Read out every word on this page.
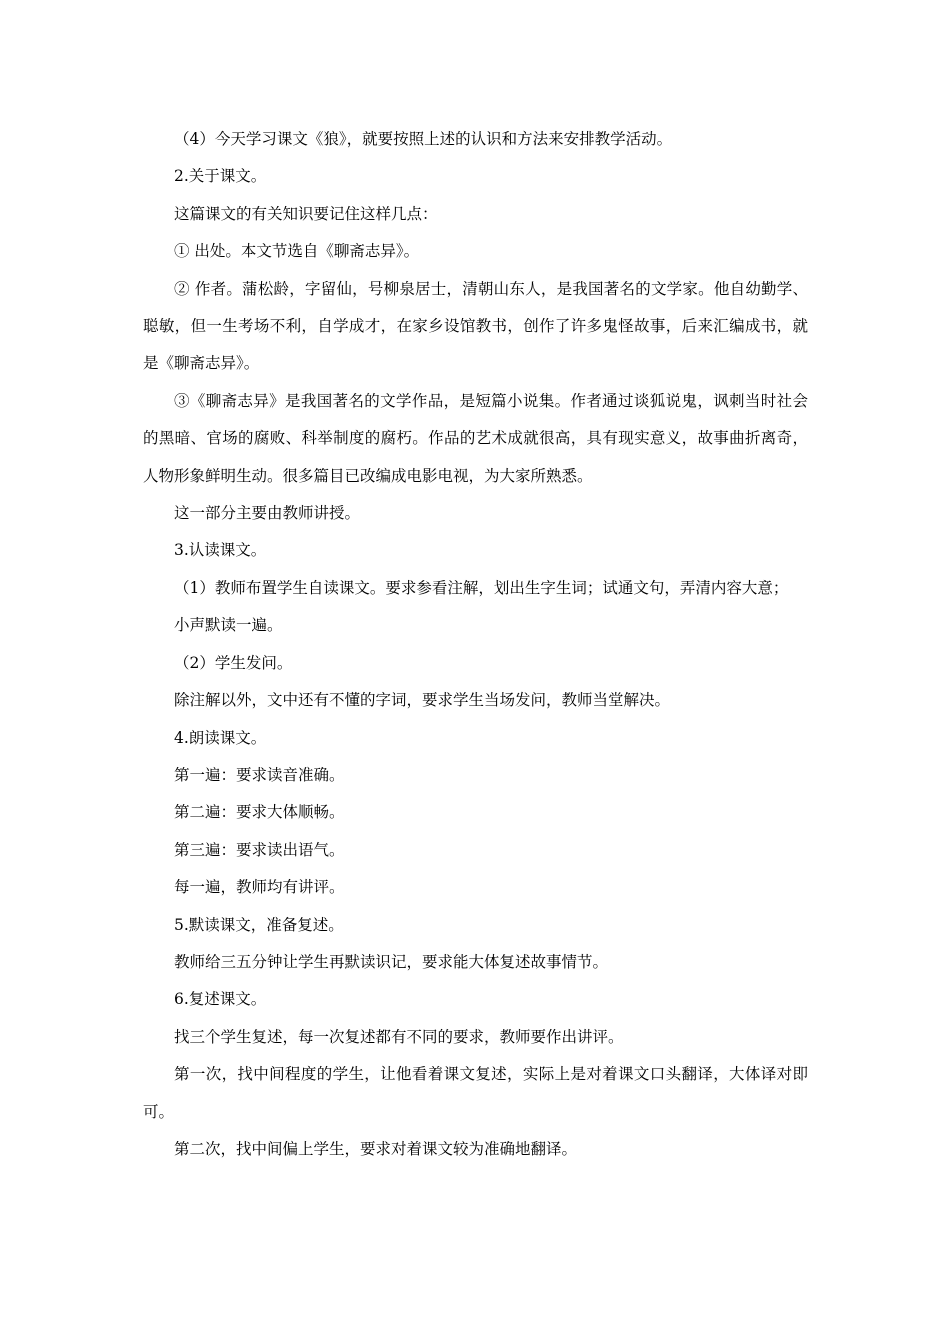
（4）今天学习课文《狼》，就要按照上述的认识和方法来安排教学活动。

2.关于课文。

这篇课文的有关知识要记住这样几点：

① 出处。本文节选自《聊斋志异》。

② 作者。蒲松龄，字留仙，号柳泉居士，清朝山东人，是我国著名的文学家。他自幼勤学、聪敏，但一生考场不利，自学成才，在家乡设馆教书，创作了许多鬼怪故事，后来汇编成书，就是《聊斋志异》。

③《聊斋志异》是我国著名的文学作品，是短篇小说集。作者通过谈狐说鬼，讽刺当时社会的黑暗、官场的腐败、科举制度的腐朽。作品的艺术成就很高，具有现实意义，故事曲折离奇，人物形象鲜明生动。很多篇目已改编成电影电视，为大家所熟悉。

这一部分主要由教师讲授。

3.认读课文。

（1）教师布置学生自读课文。要求参看注解，划出生字生词；试通文句，弄清内容大意；

小声默读一遍。

（2）学生发问。

除注解以外，文中还有不懂的字词，要求学生当场发问，教师当堂解决。

4.朗读课文。

第一遍：要求读音准确。

第二遍：要求大体顺畅。

第三遍：要求读出语气。

每一遍，教师均有讲评。

5.默读课文，准备复述。

教师给三五分钟让学生再默读识记，要求能大体复述故事情节。

6.复述课文。

找三个学生复述，每一次复述都有不同的要求，教师要作出讲评。

第一次，找中间程度的学生，让他看着课文复述，实际上是对着课文口头翻译，大体译对即可。

第二次，找中间偏上学生，要求对着课文较为准确地翻译。
